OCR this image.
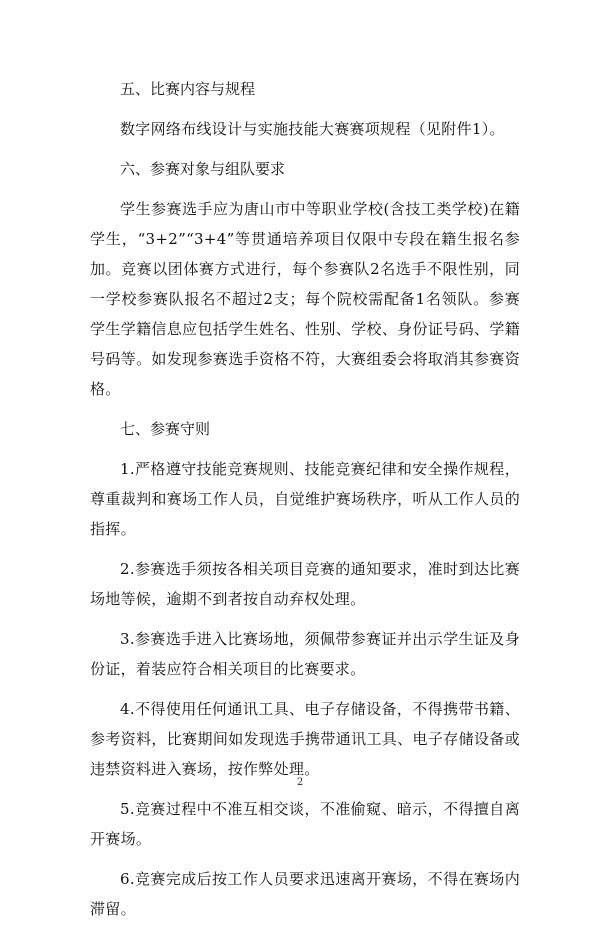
五、比赛内容与规程

数字网络布线设计与实施技能大赛赛项规程（见附件1）。

六、参赛对象与组队要求

学生参赛选手应为唐山市中等职业学校(含技工类学校)在籍学生，“3+2”“3+4”等贯通培养项目仅限中专段在籍生报名参加。竞赛以团体赛方式进行，每个参赛队2名选手不限性别，同一学校参赛队报名不超过2支；每个院校需配备1名领队。参赛学生学籍信息应包括学生姓名、性别、学校、身份证号码、学籍号码等。如发现参赛选手资格不符，大赛组委会将取消其参赛资格。

七、参赛守则

1.严格遵守技能竞赛规则、技能竞赛纪律和安全操作规程，尊重裁判和赛场工作人员，自觉维护赛场秩序，听从工作人员的指挥。

2.参赛选手须按各相关项目竞赛的通知要求，准时到达比赛场地等候，逾期不到者按自动弃权处理。

3.参赛选手进入比赛场地，须佩带参赛证并出示学生证及身份证，着装应符合相关项目的比赛要求。

4.不得使用任何通讯工具、电子存储设备，不得携带书籍、参考资料，比赛期间如发现选手携带通讯工具、电子存储设备或违禁资料进入赛场，按作弊处理。

5.竞赛过程中不准互相交谈，不准偷窥、暗示，不得擅自离开赛场。

6.竞赛完成后按工作人员要求迅速离开赛场，不得在赛场内滞留。

2
